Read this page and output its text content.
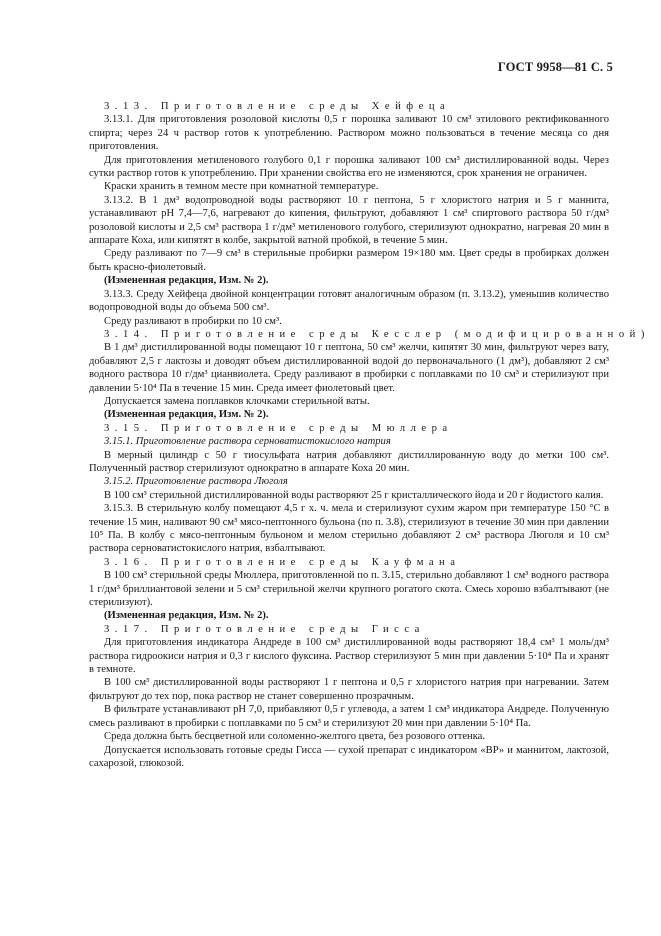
ГОСТ 9958—81 С. 5

3.13. Приготовление среды Хейфеца

3.13.1. Для приготовления розоловой кислоты 0,5 г порошка заливают 10 см³ этилового ректификованного спирта; через 24 ч раствор готов к употреблению. Раствором можно пользоваться в течение месяца со дня приготовления.

Для приготовления метиленового голубого 0,1 г порошка заливают 100 см³ дистиллированной воды. Через сутки раствор готов к употреблению. При хранении свойства его не изменяются, срок хранения не ограничен.

Краски хранить в темном месте при комнатной температуре.

3.13.2. В 1 дм³ водопроводной воды растворяют 10 г пептона, 5 г хлористого натрия и 5 г маннита, устанавливают pH 7,4—7,6, нагревают до кипения, фильтруют, добавляют 1 см³ спиртового раствора 50 г/дм³ розоловой кислоты и 2,5 см³ раствора 1 г/дм³ метиленового голубого, стерилизуют однократно, нагревая 20 мин в аппарате Коха, или кипятят в колбе, закрытой ватной пробкой, в течение 5 мин.

Среду разливают по 7—9 см³ в стерильные пробирки размером 19×180 мм. Цвет среды в пробирках должен быть красно-фиолетовый.

(Измененная редакция, Изм. № 2).

3.13.3. Среду Хейфеца двойной концентрации готовят аналогичным образом (п. 3.13.2), уменьшив количество водопроводной воды до объема 500 см³.

Среду разливают в пробирки по 10 см³.

3.14. Приготовление среды Кесслер (модифицированной)

В 1 дм³ дистиллированной воды помещают 10 г пептона, 50 см³ желчи, кипятят 30 мин, фильтруют через вату, добавляют 2,5 г лактозы и доводят объем дистиллированной водой до первоначального (1 дм³), добавляют 2 см³ водного раствора 10 г/дм³ цианвиолета. Среду разливают в пробирки с поплавками по 10 см³ и стерилизуют при давлении 5·10⁴ Па в течение 15 мин. Среда имеет фиолетовый цвет.

Допускается замена поплавков клочками стерильной ваты.

(Измененная редакция, Изм. № 2).

3.15. Приготовление среды Мюллера

3.15.1. Приготовление раствора серноватистокислого натрия

В мерный цилиндр с 50 г тиосульфата натрия добавляют дистиллированную воду до метки 100 см³. Полученный раствор стерилизуют однократно в аппарате Коха 20 мин.

3.15.2. Приготовление раствора Люголя

В 100 см³ стерильной дистиллированной воды растворяют 25 г кристаллического йода и 20 г йодистого калия.

3.15.3. В стерильную колбу помещают 4,5 г х. ч. мела и стерилизуют сухим жаром при температуре 150 °С в течение 15 мин, наливают 90 см³ мясо-пептонного бульона (по п. 3.8), стерилизуют в течение 30 мин при давлении 10⁵ Па. В колбу с мясо-пептонным бульоном и мелом стерильно добавляют 2 см³ раствора Люголя и 10 см³ раствора серноватистокислого натрия, взбалтывают.

3.16. Приготовление среды Кауфмана

В 100 см³ стерильной среды Мюллера, приготовленной по п. 3.15, стерильно добавляют 1 см³ водного раствора 1 г/дм³ бриллиантовой зелени и 5 см³ стерильной желчи крупного рогатого скота. Смесь хорошо взбалтывают (не стерилизуют).

(Измененная редакция, Изм. № 2).

3.17. Приготовление среды Гисса

Для приготовления индикатора Андреде в 100 см³ дистиллированной воды растворяют 18,4 см³ 1 моль/дм³ раствора гидроокиси натрия и 0,3 г кислого фуксина. Раствор стерилизуют 5 мин при давлении 5·10⁴ Па и хранят в темноте.

В 100 см³ дистиллированной воды растворяют 1 г пептона и 0,5 г хлористого натрия при нагревании. Затем фильтруют до тех пор, пока раствор не станет совершенно прозрачным.

В фильтрате устанавливают pH 7,0, прибавляют 0,5 г углевода, а затем 1 см³ индикатора Андреде. Полученную смесь разливают в пробирки с поплавками по 5 см³ и стерилизуют 20 мин при давлении 5·10⁴ Па.

Среда должна быть бесцветной или соломенно-желтого цвета, без розового оттенка.

Допускается использовать готовые среды Гисса — сухой препарат с индикатором «ВР» и маннитом, лактозой, сахарозой, глюкозой.
